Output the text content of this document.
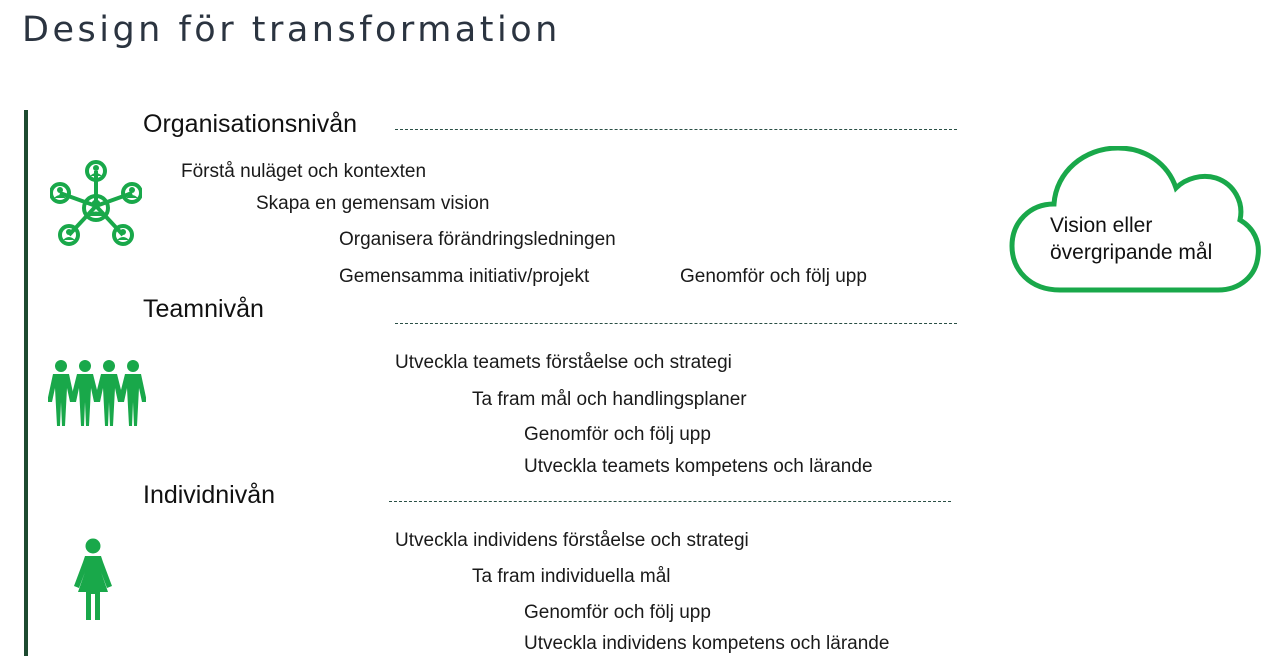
Design för transformation
Organisationsnivån
Förstå nuläget och kontexten
Skapa en gemensam vision
Organisera förändringsledningen
Gemensamma initiativ/projekt	Genomför och följ upp
Teamnivån
Utveckla teamets förståelse och strategi
Ta fram mål och handlingsplaner
Genomför och följ upp
Utveckla teamets kompetens och lärande
Individnivån
Utveckla individens förståelse och strategi
Ta fram individuella mål
Genomför och följ upp
Utveckla individens kompetens och lärande
Vision eller
övergripande mål
